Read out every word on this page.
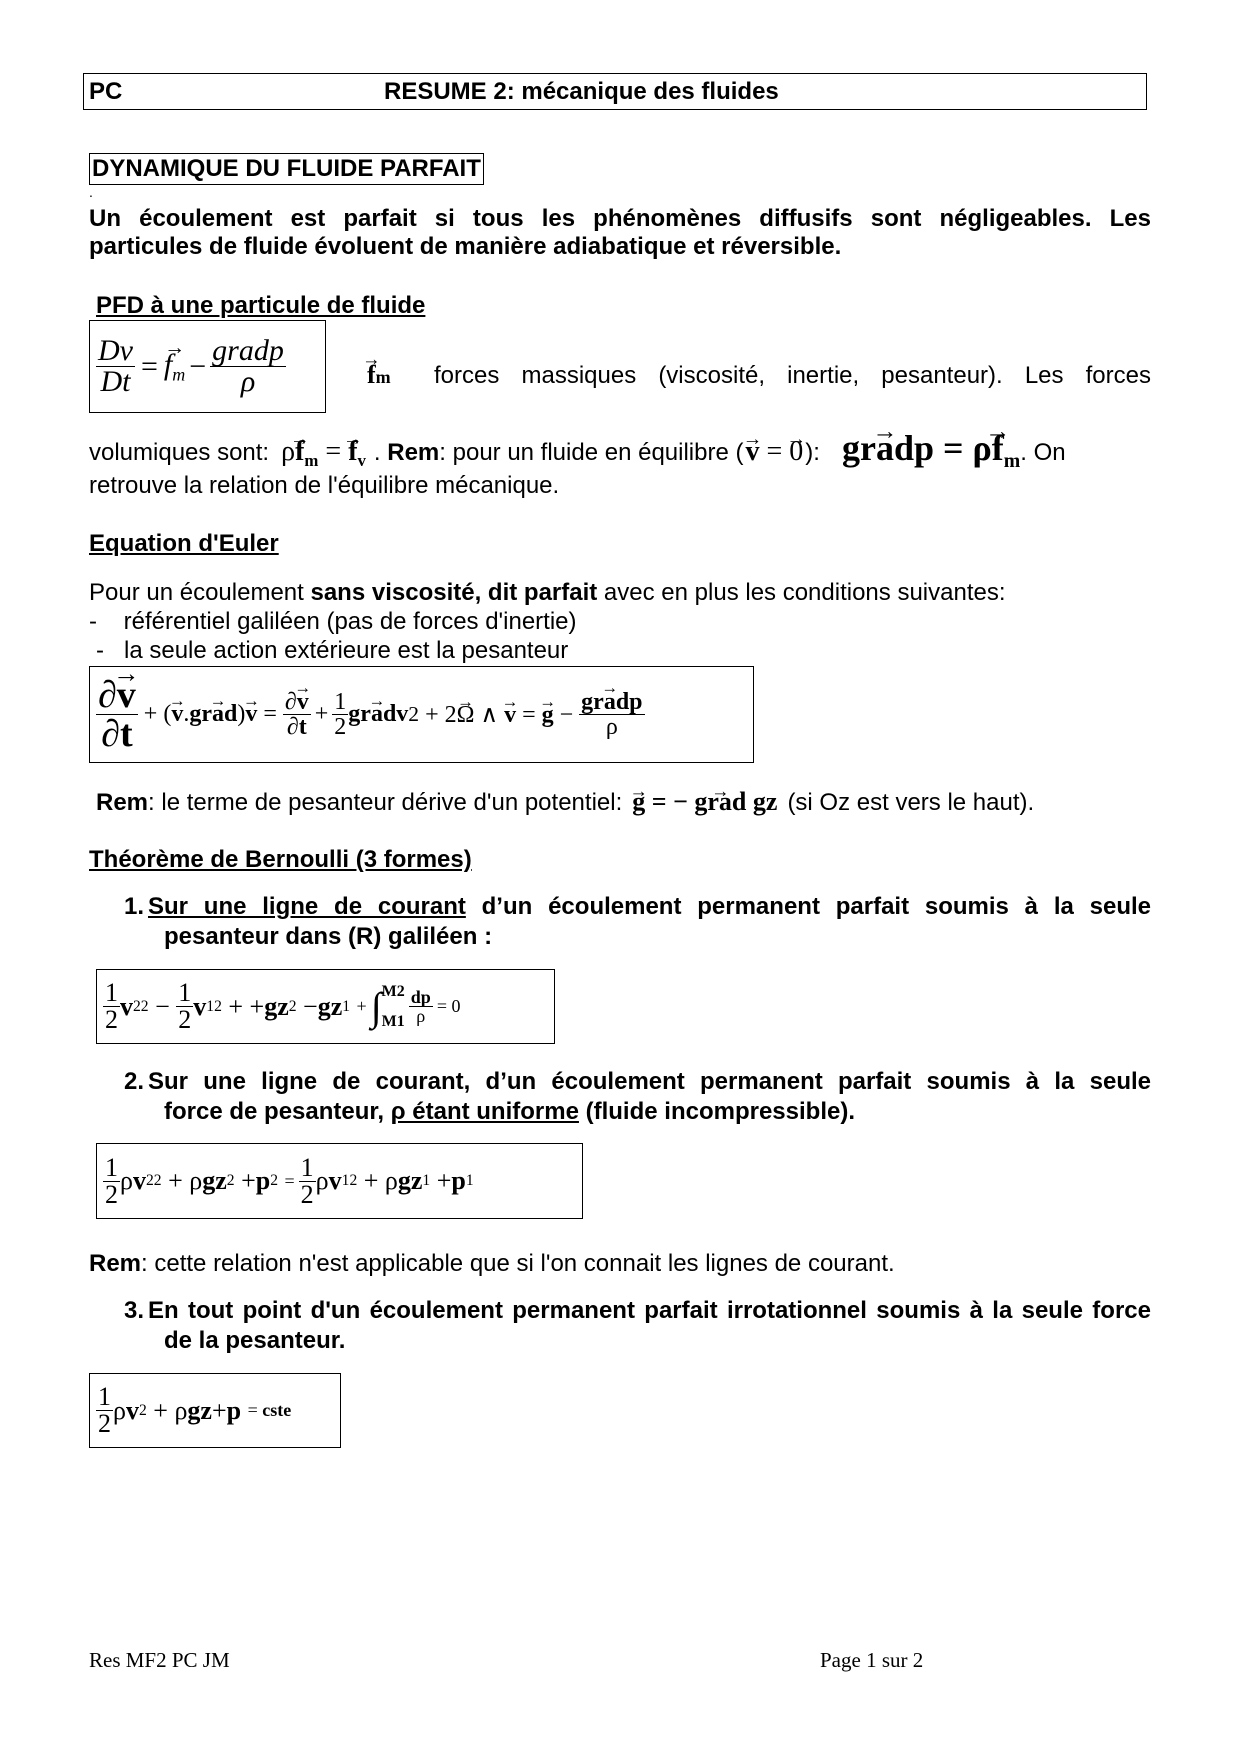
PC	RESUME 2: mécanique des fluides
DYNAMIQUE DU FLUIDE PARFAIT
.
Un écoulement est parfait si tous les phénomènes diffusifs sont négligeables. Les
particules de fluide évoluent de manière adiabatique et réversible.
PFD à une particule de fluide
$\frac{Dv}{Dt}$ = → $f_m - \frac{\text{gradp}}{\rho}$	→ fm forces massiques (viscosité, inertie, pesanteur). Les forces
volumiques sont: $\rho\to f_m$ = → $f_v$ . Rem : pour un fluide en équilibre ( → v = → 0 ): gr→ adp = $\rho\to f_m$ . On
retrouve la relation de l'équilibre mécanique.
Equation d'Euler
Pour un écoulement sans viscosité, dit parfait avec en plus les conditions suivantes:
-    référentiel galiléen (pas de forces d'inertie)
-   la seule action extérieure est la pesanteur
$\frac{\partial\to v}{\partial t}$ + (→ $v.gr\to ad)\to v = \frac{\partial\to v}{\partial t} + \frac{1}{2} gr\to$ adv 2 + 2→ Ω ∧ → v = → $g - \frac{\text{gr→ adp}}{\rho}$
Rem : le terme de pesanteur dérive d'un potentiel: → g = − → grad gz (si Oz est vers le haut).
Théorème de Bernoulli (3 formes)
1. Sur une ligne de courant d’un écoulement permanent parfait soumis à la seule
pesanteur dans (R) galiléen :
$\frac{1}{2}$ v 2 $2 - \frac{1}{2}$ v 1 2 + + gz 2 − gz 1
+ ∫ M2
$M1 \frac{dp}{\rho} = 0$
2. Sur une ligne de courant, d’un écoulement permanent parfait soumis à la seule
force de pesanteur, ρ étant uniforme (fluide incompressible).
$\frac{1}{2}$ ρ v 2 2 + ρ gz 2 + p 2
= $\frac{1}{2}$ ρ v 1 2 + ρ gz 1 + p 1
Rem: cette relation n'est applicable que si l'on connait les lignes de courant.
3. En tout point d'un écoulement permanent parfait irrotationnel soumis à la seule force
de la pesanteur.
$\frac{1}{2}$ ρ v 2 + ρ gz + p
= cste
Res MF2 PC JM	Page 1 sur 2
